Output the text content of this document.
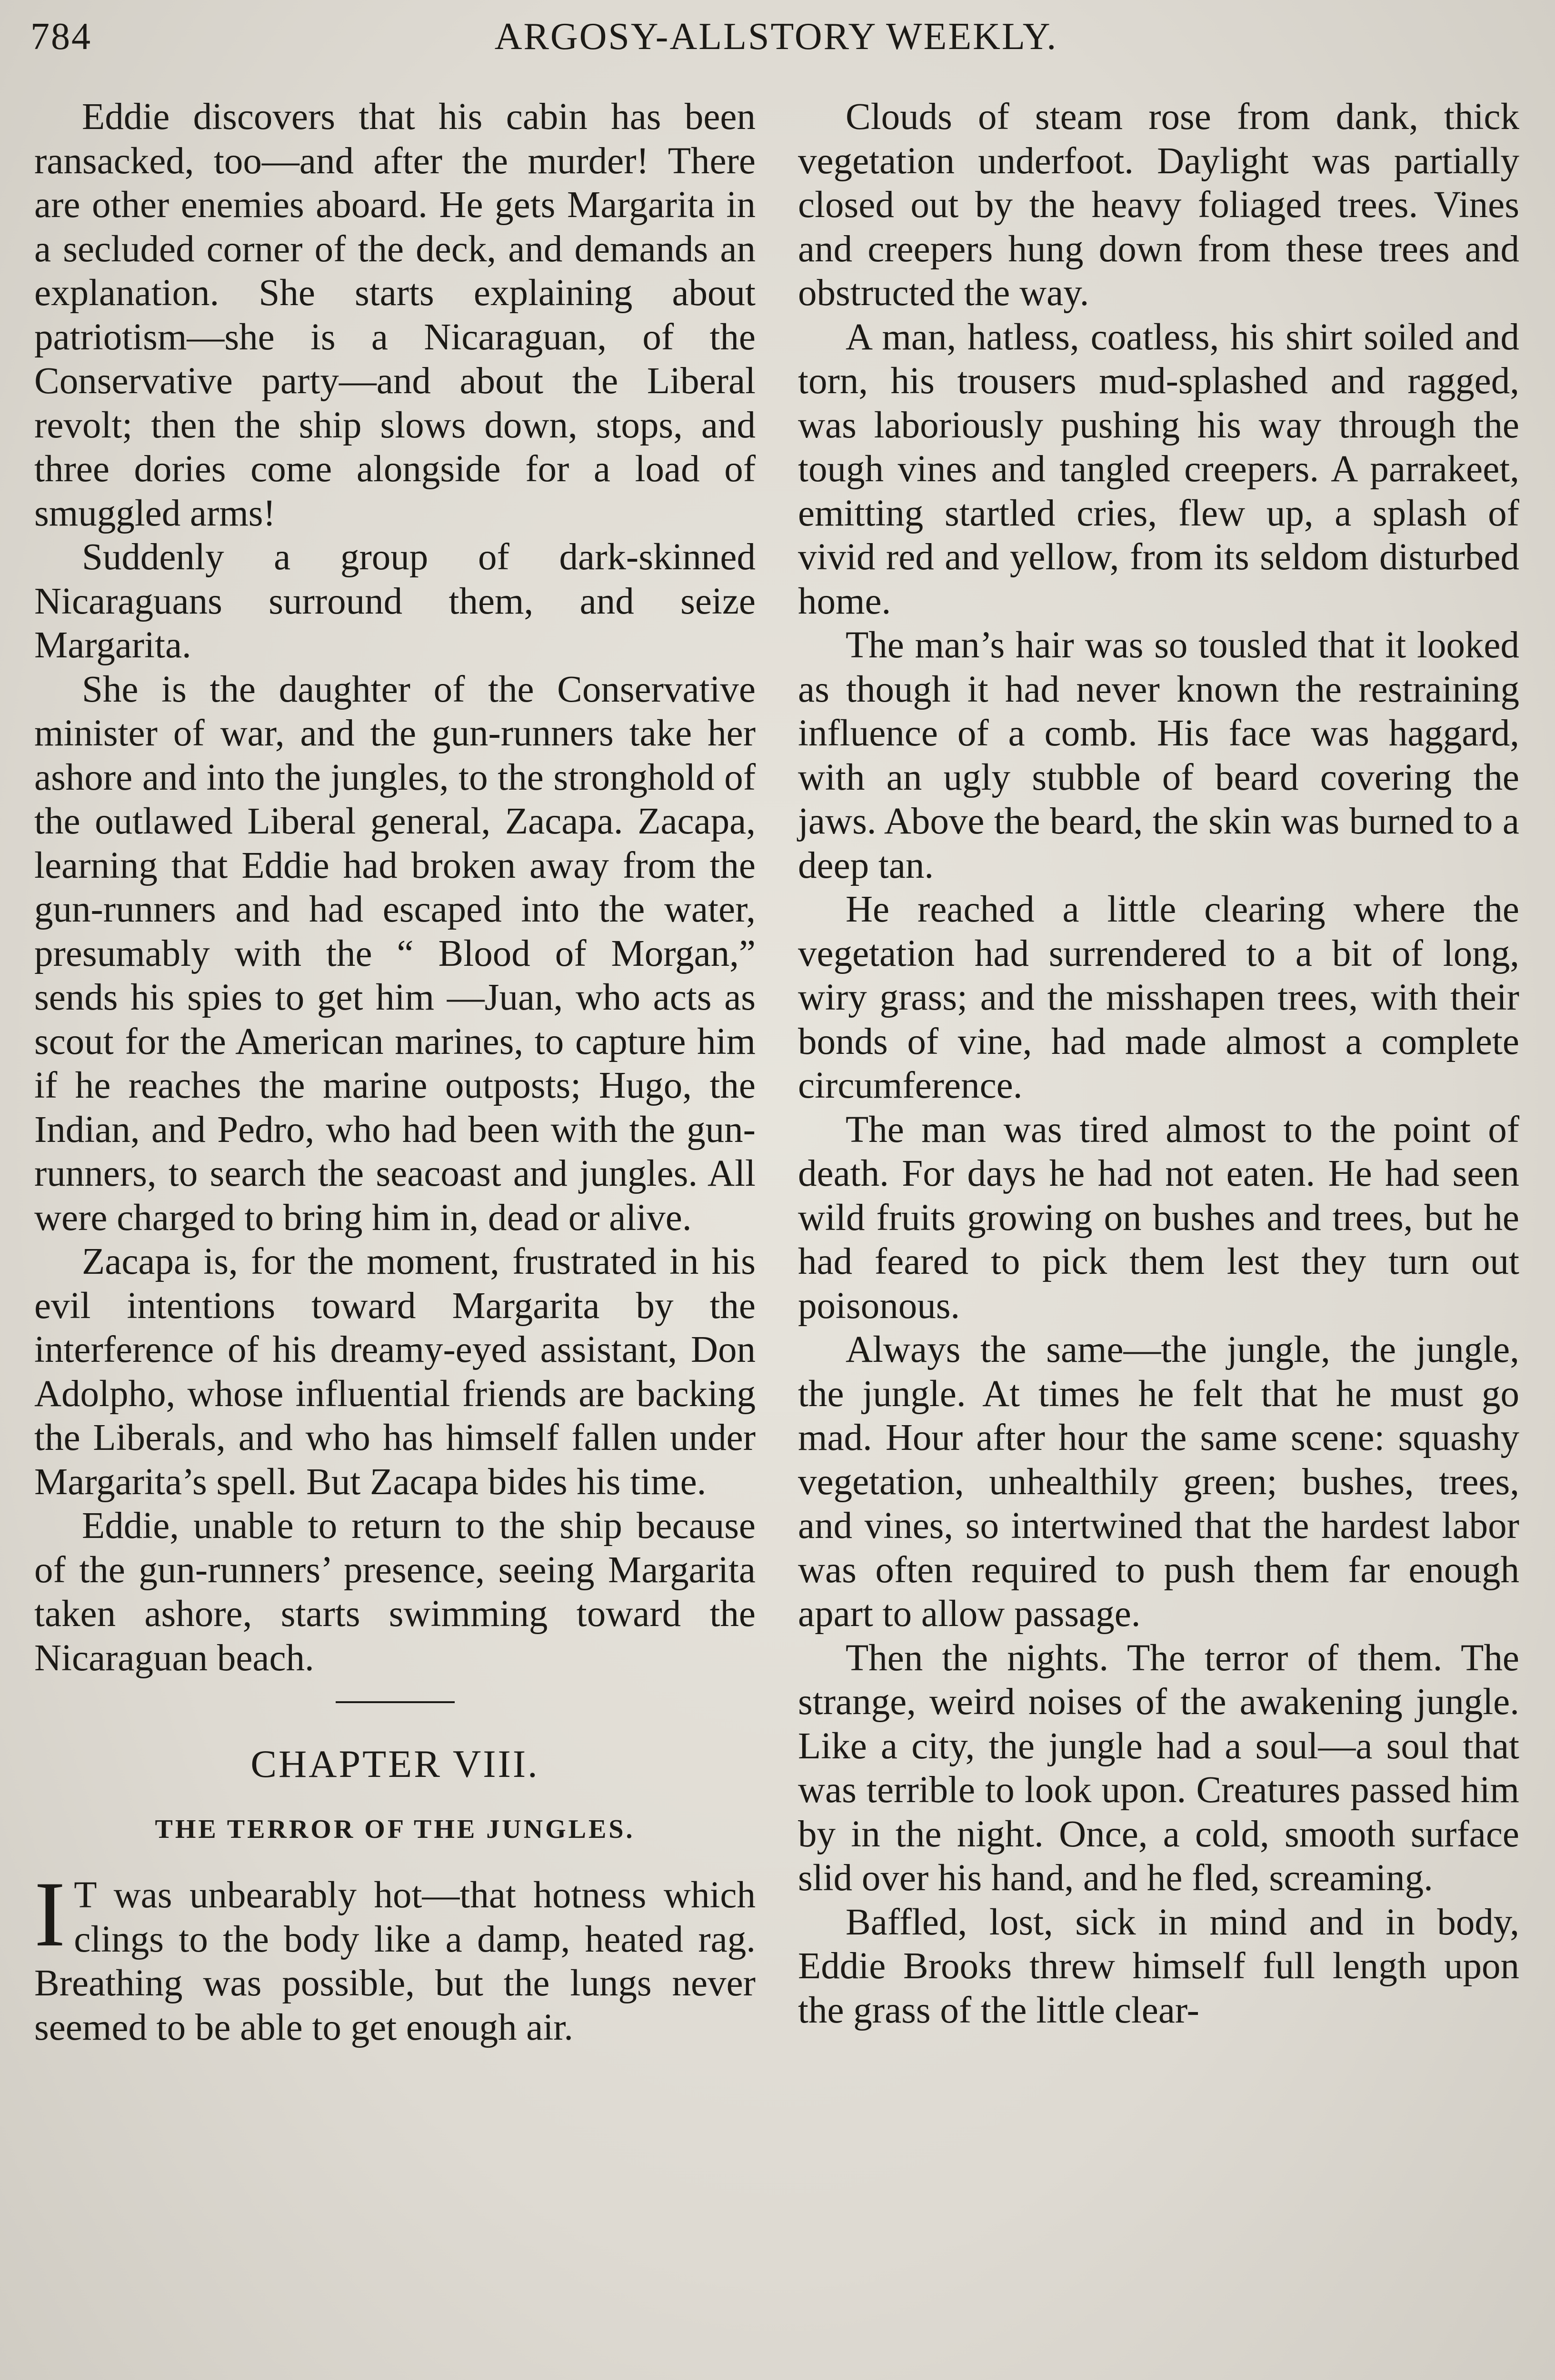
784	ARGOSY-ALLSTORY WEEKLY.

Eddie discovers that his cabin has been ransacked, too—and after the murder! There are other enemies aboard. He gets Margarita in a secluded corner of the deck, and demands an explanation. She starts explaining about patriotism—she is a Nicaraguan, of the Conservative party—and about the Liberal revolt; then the ship slows down, stops, and three dories come alongside for a load of smuggled arms!

Suddenly a group of dark-skinned Nicaraguans surround them, and seize Margarita.

She is the daughter of the Conservative minister of war, and the gun-runners take her ashore and into the jungles, to the stronghold of the outlawed Liberal general, Zacapa. Zacapa, learning that Eddie had broken away from the gun-runners and had escaped into the water, presumably with the “ Blood of Morgan,” sends his spies to get him —Juan, who acts as scout for the American marines, to capture him if he reaches the marine outposts; Hugo, the Indian, and Pedro, who had been with the gun-runners, to search the seacoast and jungles. All were charged to bring him in, dead or alive.

Zacapa is, for the moment, frustrated in his evil intentions toward Margarita by the interference of his dreamy-eyed assistant, Don Adolpho, whose influential friends are backing the Liberals, and who has himself fallen under Margarita’s spell. But Zacapa bides his time.

Eddie, unable to return to the ship because of the gun-runners’ presence, seeing Margarita taken ashore, starts swimming toward the Nicaraguan beach.

CHAPTER VIII.
THE TERROR OF THE JUNGLES.
I T was unbearably hot—that hotness which clings to the body like a damp, heated rag. Breathing was possible, but the lungs never seemed to be able to get enough air.

Clouds of steam rose from dank, thick vegetation underfoot. Daylight was partially closed out by the heavy foliaged trees. Vines and creepers hung down from these trees and obstructed the way.

A man, hatless, coatless, his shirt soiled and torn, his trousers mud-splashed and ragged, was laboriously pushing his way through the tough vines and tangled creepers. A parrakeet, emitting startled cries, flew up, a splash of vivid red and yellow, from its seldom disturbed home.

The man’s hair was so tousled that it looked as though it had never known the restraining influence of a comb. His face was haggard, with an ugly stubble of beard covering the jaws. Above the beard, the skin was burned to a deep tan.

He reached a little clearing where the vegetation had surrendered to a bit of long, wiry grass; and the misshapen trees, with their bonds of vine, had made almost a complete circumference.

The man was tired almost to the point of death. For days he had not eaten. He had seen wild fruits growing on bushes and trees, but he had feared to pick them lest they turn out poisonous.

Always the same—the jungle, the jungle, the jungle. At times he felt that he must go mad. Hour after hour the same scene: squashy vegetation, unhealthily green; bushes, trees, and vines, so intertwined that the hardest labor was often required to push them far enough apart to allow passage.

Then the nights. The terror of them. The strange, weird noises of the awakening jungle. Like a city, the jungle had a soul—a soul that was terrible to look upon. Creatures passed him by in the night. Once, a cold, smooth surface slid over his hand, and he fled, screaming.

Baffled, lost, sick in mind and in body, Eddie Brooks threw himself full length upon the grass of the little clear-
